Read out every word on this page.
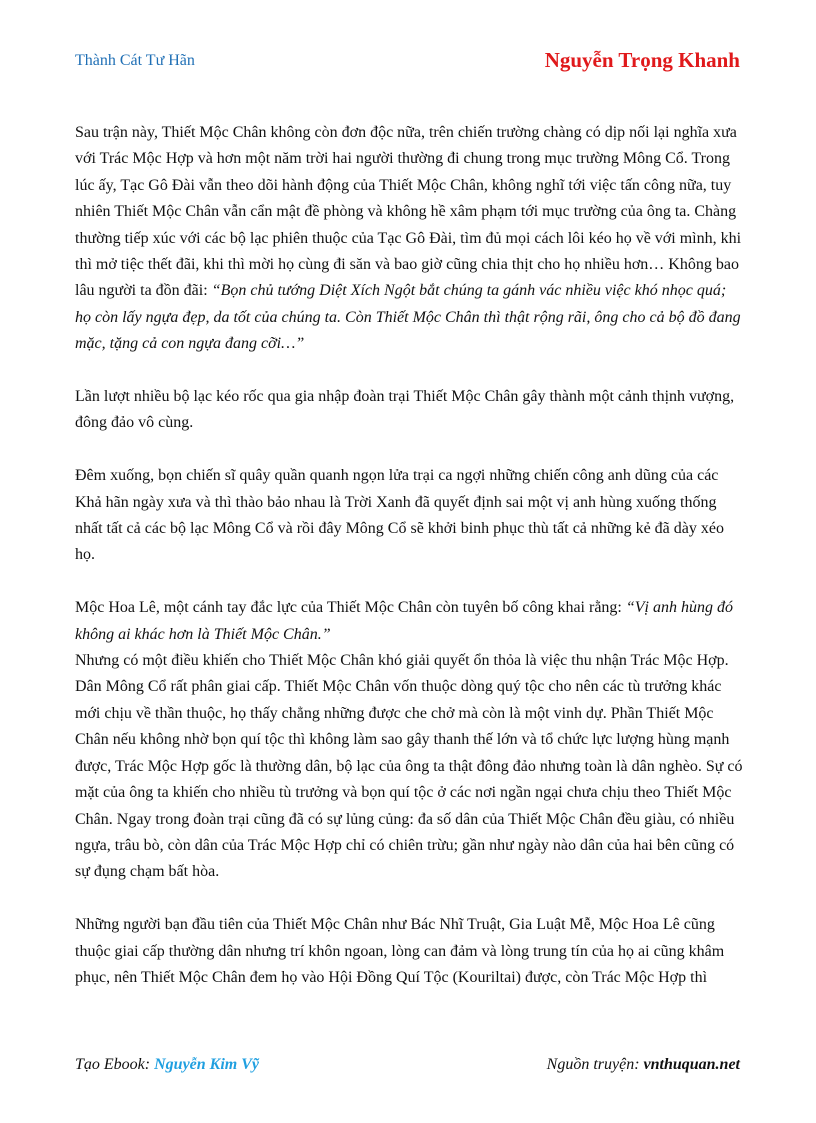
Thành Cát Tư Hãn	Nguyễn Trọng Khanh

Sau trận này, Thiết Mộc Chân không còn đơn độc nữa, trên chiến trường chàng có dịp nối lại nghĩa xưa với Trác Mộc Hợp và hơn một năm trời hai người thường đi chung trong mục trường Mông Cổ. Trong lúc ấy, Tạc Gô Đài vẫn theo dõi hành động của Thiết Mộc Chân, không nghĩ tới việc tấn công nữa, tuy nhiên Thiết Mộc Chân vẫn cẩn mật đề phòng và không hề xâm phạm tới mục trường của ông ta. Chàng thường tiếp xúc với các bộ lạc phiên thuộc của Tạc Gô Đài, tìm đủ mọi cách lôi kéo họ về với mình, khi thì mở tiệc thết đãi, khi thì mời họ cùng đi săn và bao giờ cũng chia thịt cho họ nhiều hơn… Không bao lâu người ta đồn đãi: “Bọn chủ tướng Diệt Xích Ngột bắt chúng ta gánh vác nhiều việc khó nhọc quá; họ còn lấy ngựa đẹp, da tốt của chúng ta. Còn Thiết Mộc Chân thì thật rộng rãi, ông cho cả bộ đồ đang mặc, tặng cả con ngựa đang cỡi…”

Lần lượt nhiều bộ lạc kéo rốc qua gia nhập đoàn trại Thiết Mộc Chân gây thành một cảnh thịnh vượng, đông đảo vô cùng.

Đêm xuống, bọn chiến sĩ quây quần quanh ngọn lửa trại ca ngợi những chiến công anh dũng của các Khả hãn ngày xưa và thì thào bảo nhau là Trời Xanh đã quyết định sai một vị anh hùng xuống thống nhất tất cả các bộ lạc Mông Cổ và rồi đây Mông Cổ sẽ khởi binh phục thù tất cả những kẻ đã dày xéo họ.

Mộc Hoa Lê, một cánh tay đắc lực của Thiết Mộc Chân còn tuyên bố công khai rằng: “Vị anh hùng đó không ai khác hơn là Thiết Mộc Chân.”

Nhưng có một điều khiến cho Thiết Mộc Chân khó giải quyết ổn thỏa là việc thu nhận Trác Mộc Hợp. Dân Mông Cổ rất phân giai cấp. Thiết Mộc Chân vốn thuộc dòng quý tộc cho nên các tù trưởng khác mới chịu về thần thuộc, họ thấy chẳng những được che chở mà còn là một vinh dự. Phần Thiết Mộc Chân nếu không nhờ bọn quí tộc thì không làm sao gây thanh thế lớn và tổ chức lực lượng hùng mạnh được, Trác Mộc Hợp gốc là thường dân, bộ lạc của ông ta thật đông đảo nhưng toàn là dân nghèo. Sự có mặt của ông ta khiến cho nhiều tù trưởng và bọn quí tộc ở các nơi ngần ngại chưa chịu theo Thiết Mộc Chân. Ngay trong đoàn trại cũng đã có sự lủng củng: đa số dân của Thiết Mộc Chân đều giàu, có nhiều ngựa, trâu bò, còn dân của Trác Mộc Hợp chỉ có chiên trừu; gần như ngày nào dân của hai bên cũng có sự đụng chạm bất hòa.

Những người bạn đầu tiên của Thiết Mộc Chân như Bác Nhĩ Truật, Gia Luật Mễ, Mộc Hoa Lê cũng thuộc giai cấp thường dân nhưng trí khôn ngoan, lòng can đảm và lòng trung tín của họ ai cũng khâm phục, nên Thiết Mộc Chân đem họ vào Hội Đồng Quí Tộc (Kouriltai) được, còn Trác Mộc Hợp thì

Tạo Ebook: Nguyễn Kim Vỹ	Nguồn truyện: vnthuquan.net
